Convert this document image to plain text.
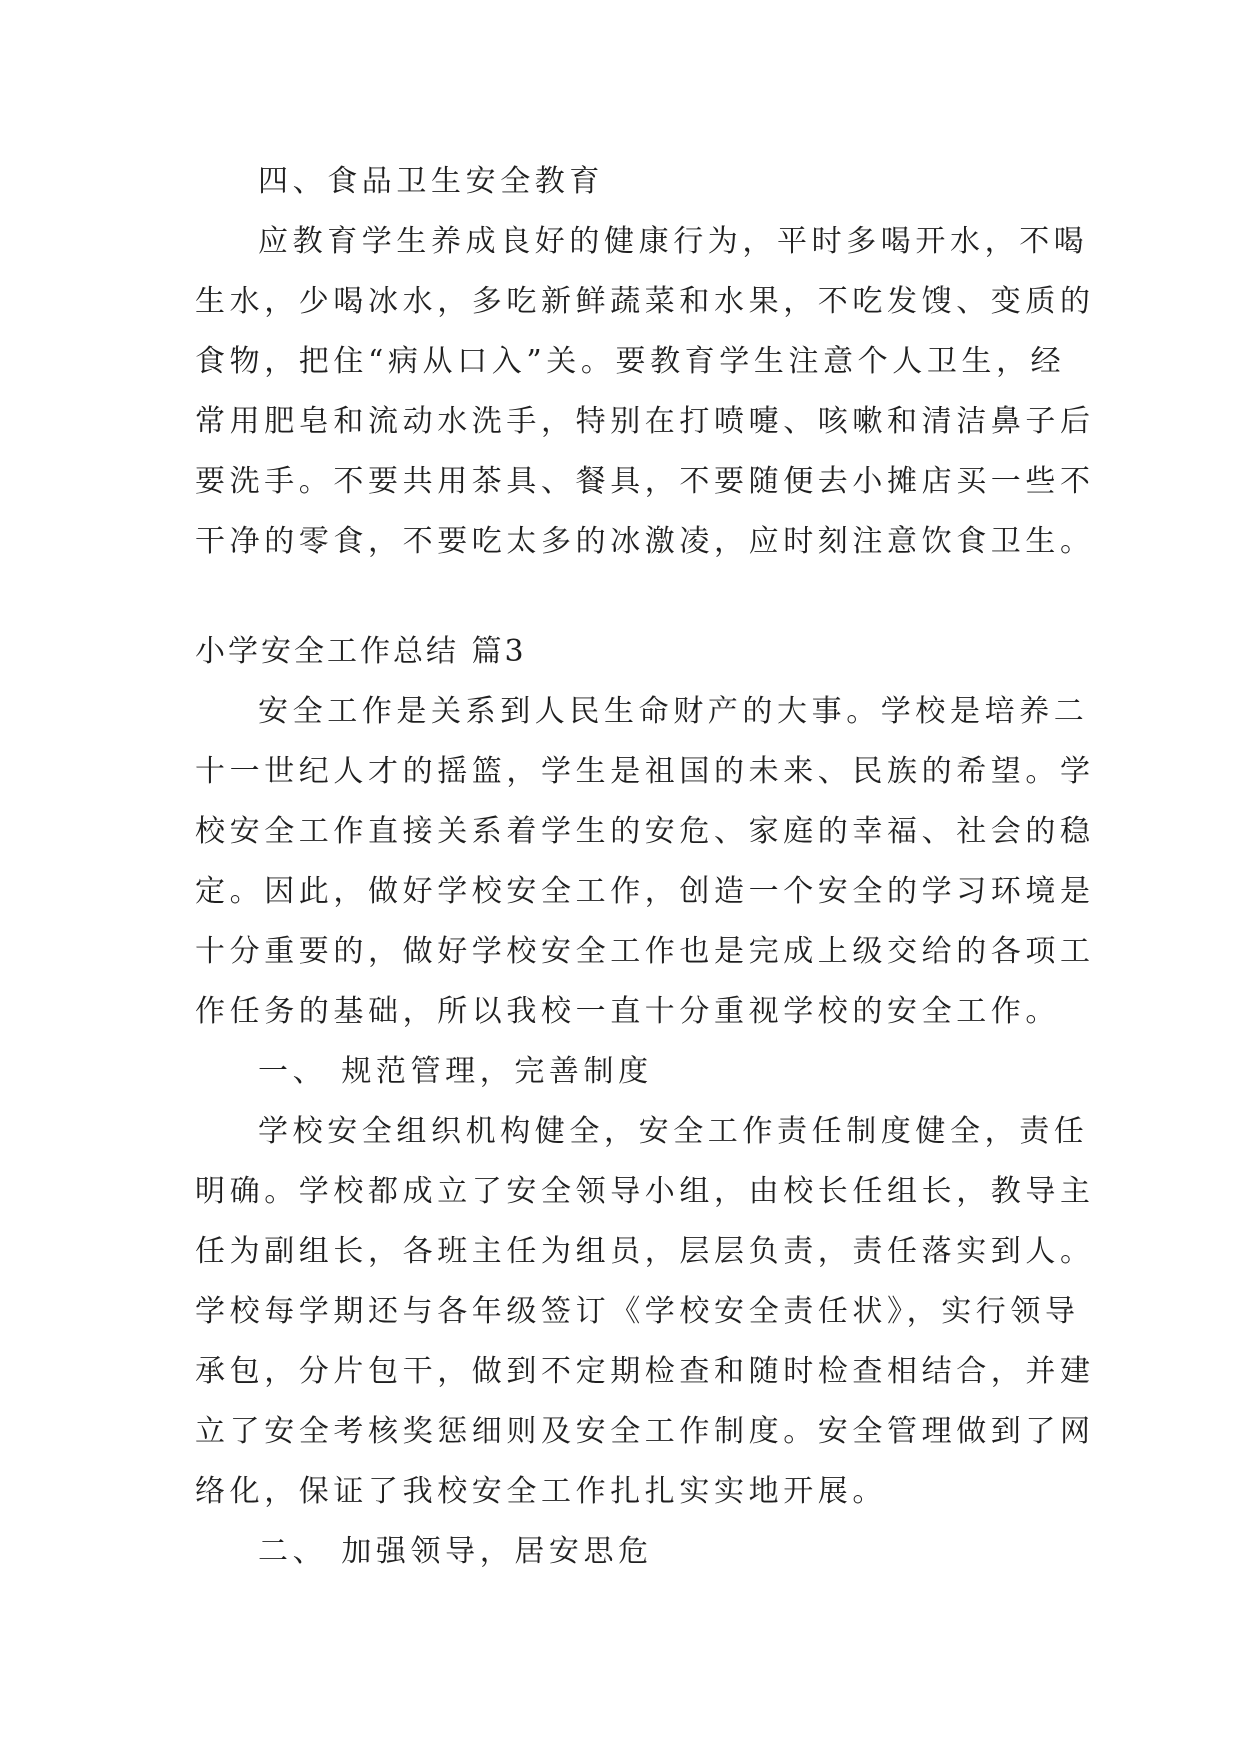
四、食品卫生安全教育

应教育学生养成良好的健康行为，平时多喝开水，不喝

生水，少喝冰水，多吃新鲜蔬菜和水果，不吃发馊、变质的

食物，把住“病从口入”关。要教育学生注意个人卫生，经

常用肥皂和流动水洗手，特别在打喷嚏、咳嗽和清洁鼻子后

要洗手。不要共用茶具、餐具，不要随便去小摊店买一些不

干净的零食，不要吃太多的冰激凌，应时刻注意饮食卫生。

小学安全工作总结 篇3

安全工作是关系到人民生命财产的大事。学校是培养二

十一世纪人才的摇篮，学生是祖国的未来、民族的希望。学

校安全工作直接关系着学生的安危、家庭的幸福、社会的稳

定。因此，做好学校安全工作，创造一个安全的学习环境是

十分重要的，做好学校安全工作也是完成上级交给的各项工

作任务的基础，所以我校一直十分重视学校的安全工作。

一、 规范管理，完善制度

学校安全组织机构健全，安全工作责任制度健全，责任

明确。学校都成立了安全领导小组，由校长任组长，教导主

任为副组长，各班主任为组员，层层负责，责任落实到人。

学校每学期还与各年级签订《学校安全责任状》，实行领导

承包，分片包干，做到不定期检查和随时检查相结合，并建

立了安全考核奖惩细则及安全工作制度。安全管理做到了网

络化，保证了我校安全工作扎扎实实地开展。

二、 加强领导，居安思危
